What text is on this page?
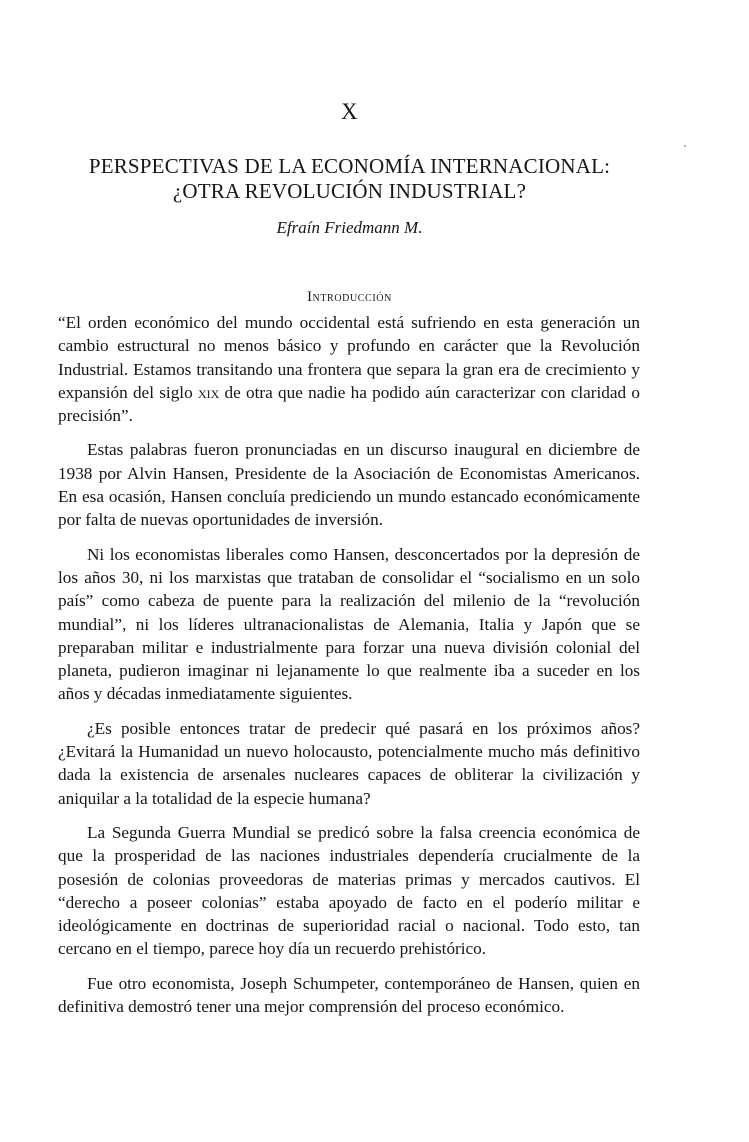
X
PERSPECTIVAS DE LA ECONOMÍA INTERNACIONAL:
¿OTRA REVOLUCIÓN INDUSTRIAL?
Efraín Friedmann M.
Introducción

“El orden económico del mundo occidental está sufriendo en esta generación un cambio estructural no menos básico y profundo en carácter que la Revolución Industrial. Estamos transitando una frontera que separa la gran era de crecimiento y expansión del siglo xix de otra que nadie ha podido aún caracterizar con claridad o precisión”.

Estas palabras fueron pronunciadas en un discurso inaugural en diciembre de 1938 por Alvin Hansen, Presidente de la Asociación de Economistas Americanos. En esa ocasión, Hansen concluía prediciendo un mundo estancado económicamente por falta de nuevas oportunidades de inversión.

Ni los economistas liberales como Hansen, desconcertados por la depresión de los años 30, ni los marxistas que trataban de consolidar el “socialismo en un solo país” como cabeza de puente para la realización del milenio de la “revolución mundial”, ni los líderes ultranacionalistas de Alemania, Italia y Japón que se preparaban militar e industrialmente para forzar una nueva división colonial del planeta, pudieron imaginar ni lejanamente lo que realmente iba a suceder en los años y décadas inmediatamente siguientes.

¿Es posible entonces tratar de predecir qué pasará en los próximos años? ¿Evitará la Humanidad un nuevo holocausto, potencialmente mucho más definitivo dada la existencia de arsenales nucleares capaces de obliterar la civilización y aniquilar a la totalidad de la especie humana?

La Segunda Guerra Mundial se predicó sobre la falsa creencia económica de que la prosperidad de las naciones industriales dependería crucialmente de la posesión de colonias proveedoras de materias primas y mercados cautivos. El “derecho a poseer colonias” estaba apoyado de facto en el poderío militar e ideológicamente en doctrinas de superioridad racial o nacional. Todo esto, tan cercano en el tiempo, parece hoy día un recuerdo prehistórico.

Fue otro economista, Joseph Schumpeter, contemporáneo de Hansen, quien en definitiva demostró tener una mejor comprensión del proceso económico.
